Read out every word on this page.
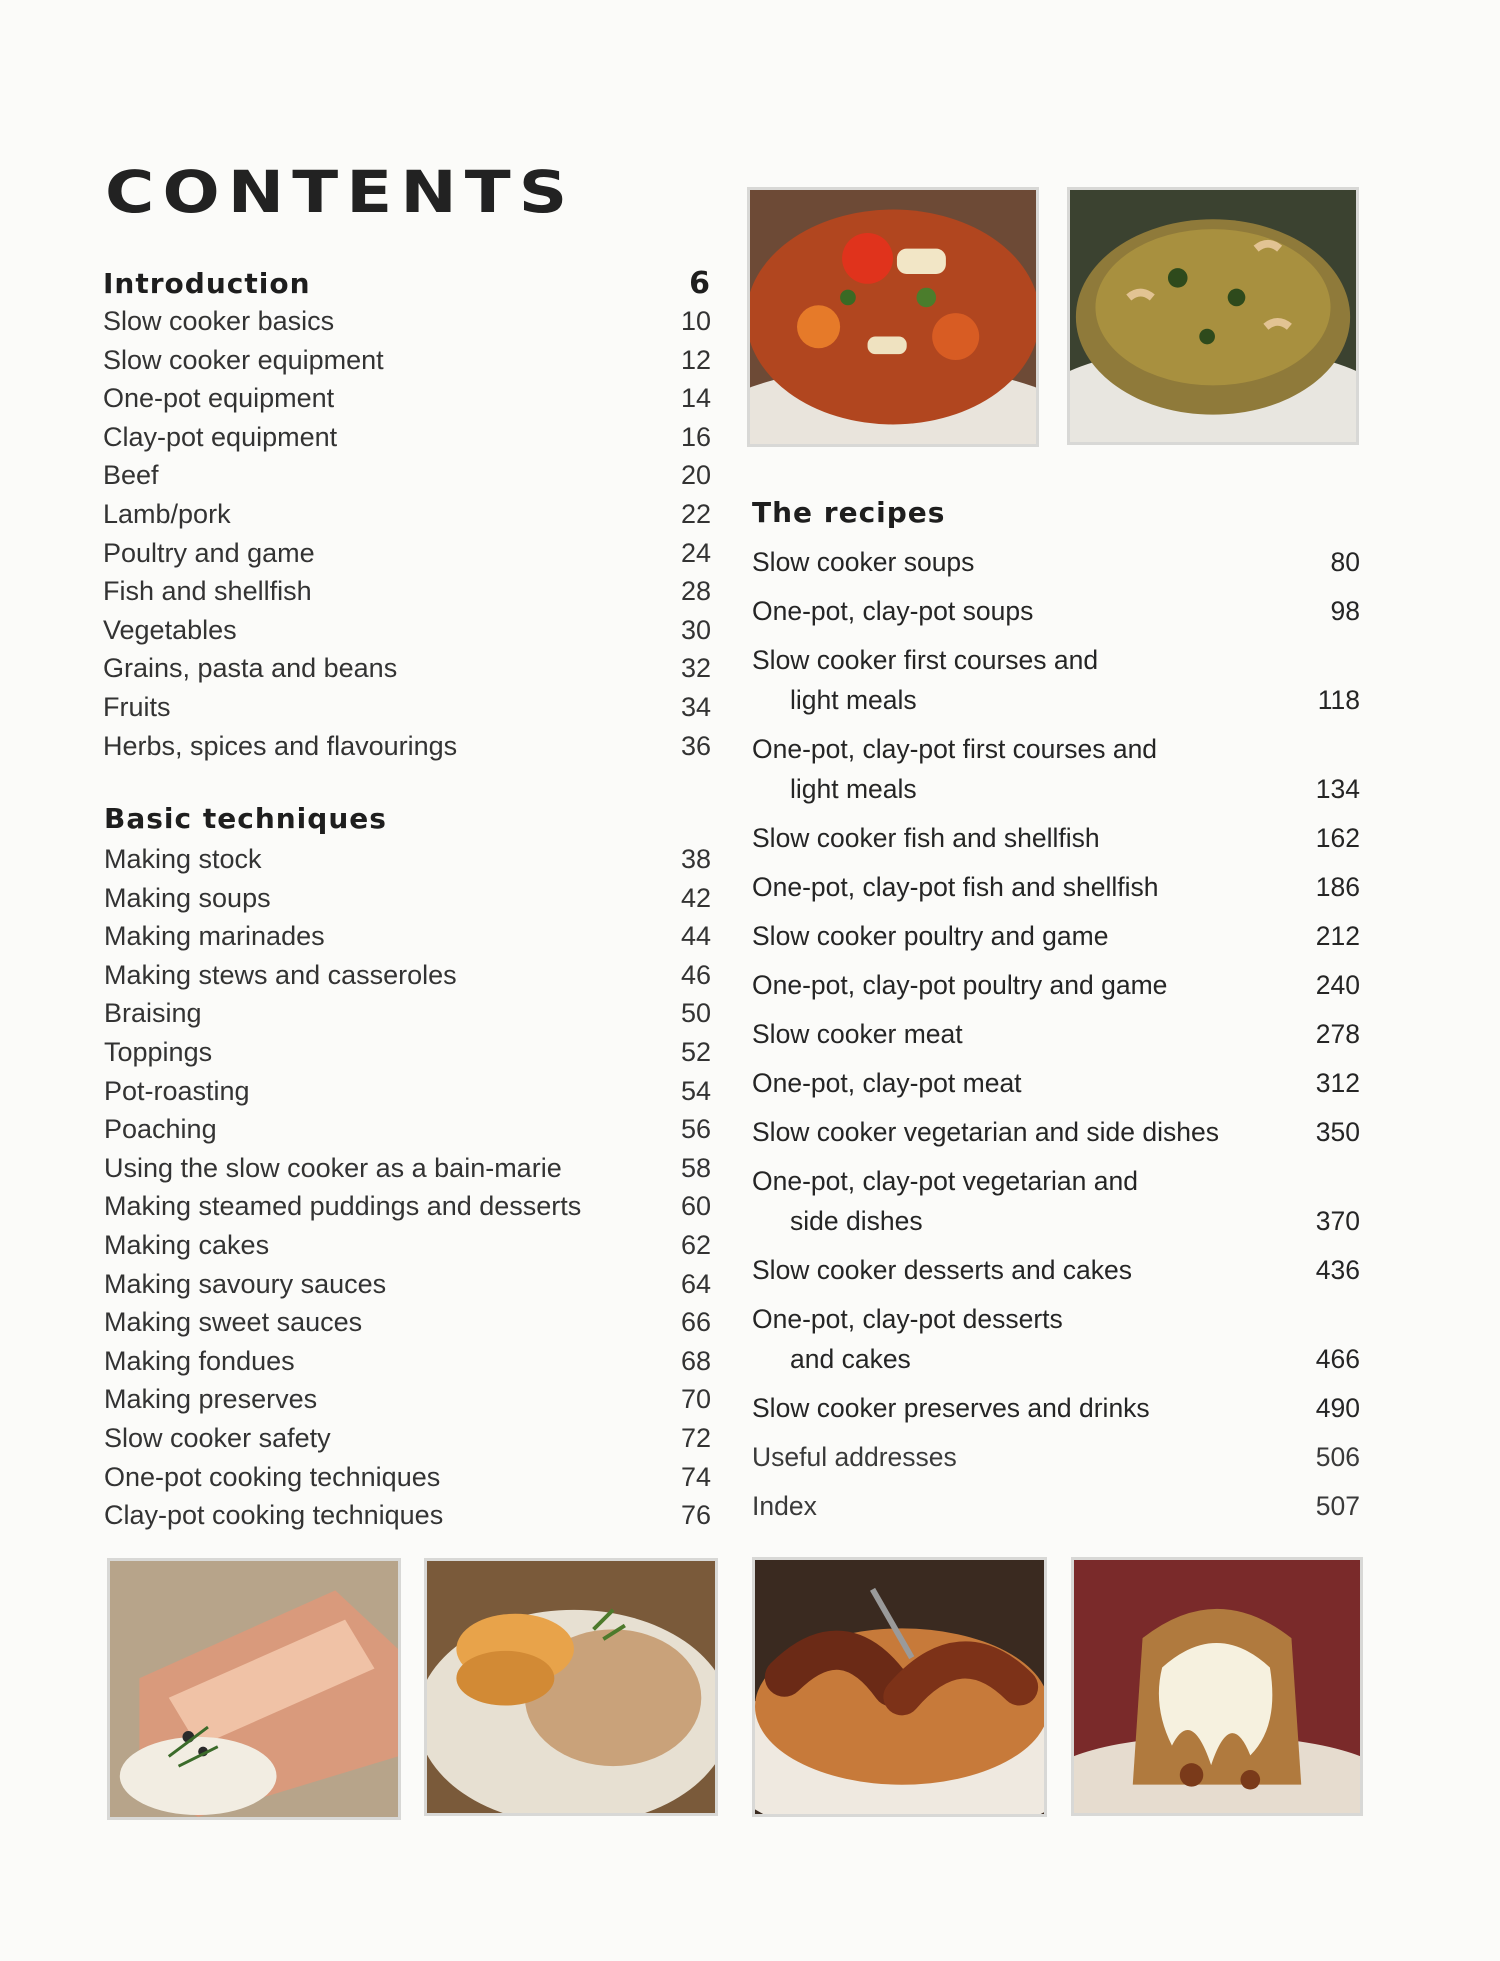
CONTENTS
Introduction	6
Slow cooker basics	10
Slow cooker equipment	12
One-pot equipment	14
Clay-pot equipment	16
Beef	20
Lamb/pork	22
Poultry and game	24
Fish and shellfish	28
Vegetables	30
Grains, pasta and beans	32
Fruits	34
Herbs, spices and flavourings	36
Basic techniques
Making stock	38
Making soups	42
Making marinades	44
Making stews and casseroles	46
Braising	50
Toppings	52
Pot-roasting	54
Poaching	56
Using the slow cooker as a bain-marie	58
Making steamed puddings and desserts	60
Making cakes	62
Making savoury sauces	64
Making sweet sauces	66
Making fondues	68
Making preserves	70
Slow cooker safety	72
One-pot cooking techniques	74
Clay-pot cooking techniques	76
The recipes
Slow cooker soups	80
One-pot, clay-pot soups	98
Slow cooker first courses and
light meals	118
One-pot, clay-pot first courses and
light meals	134
Slow cooker fish and shellfish	162
One-pot, clay-pot fish and shellfish	186
Slow cooker poultry and game	212
One-pot, clay-pot poultry and game	240
Slow cooker meat	278
One-pot, clay-pot meat	312
Slow cooker vegetarian and side dishes	350
One-pot, clay-pot vegetarian and
side dishes	370
Slow cooker desserts and cakes	436
One-pot, clay-pot desserts
and cakes	466
Slow cooker preserves and drinks	490
Useful addresses	506
Index	507
